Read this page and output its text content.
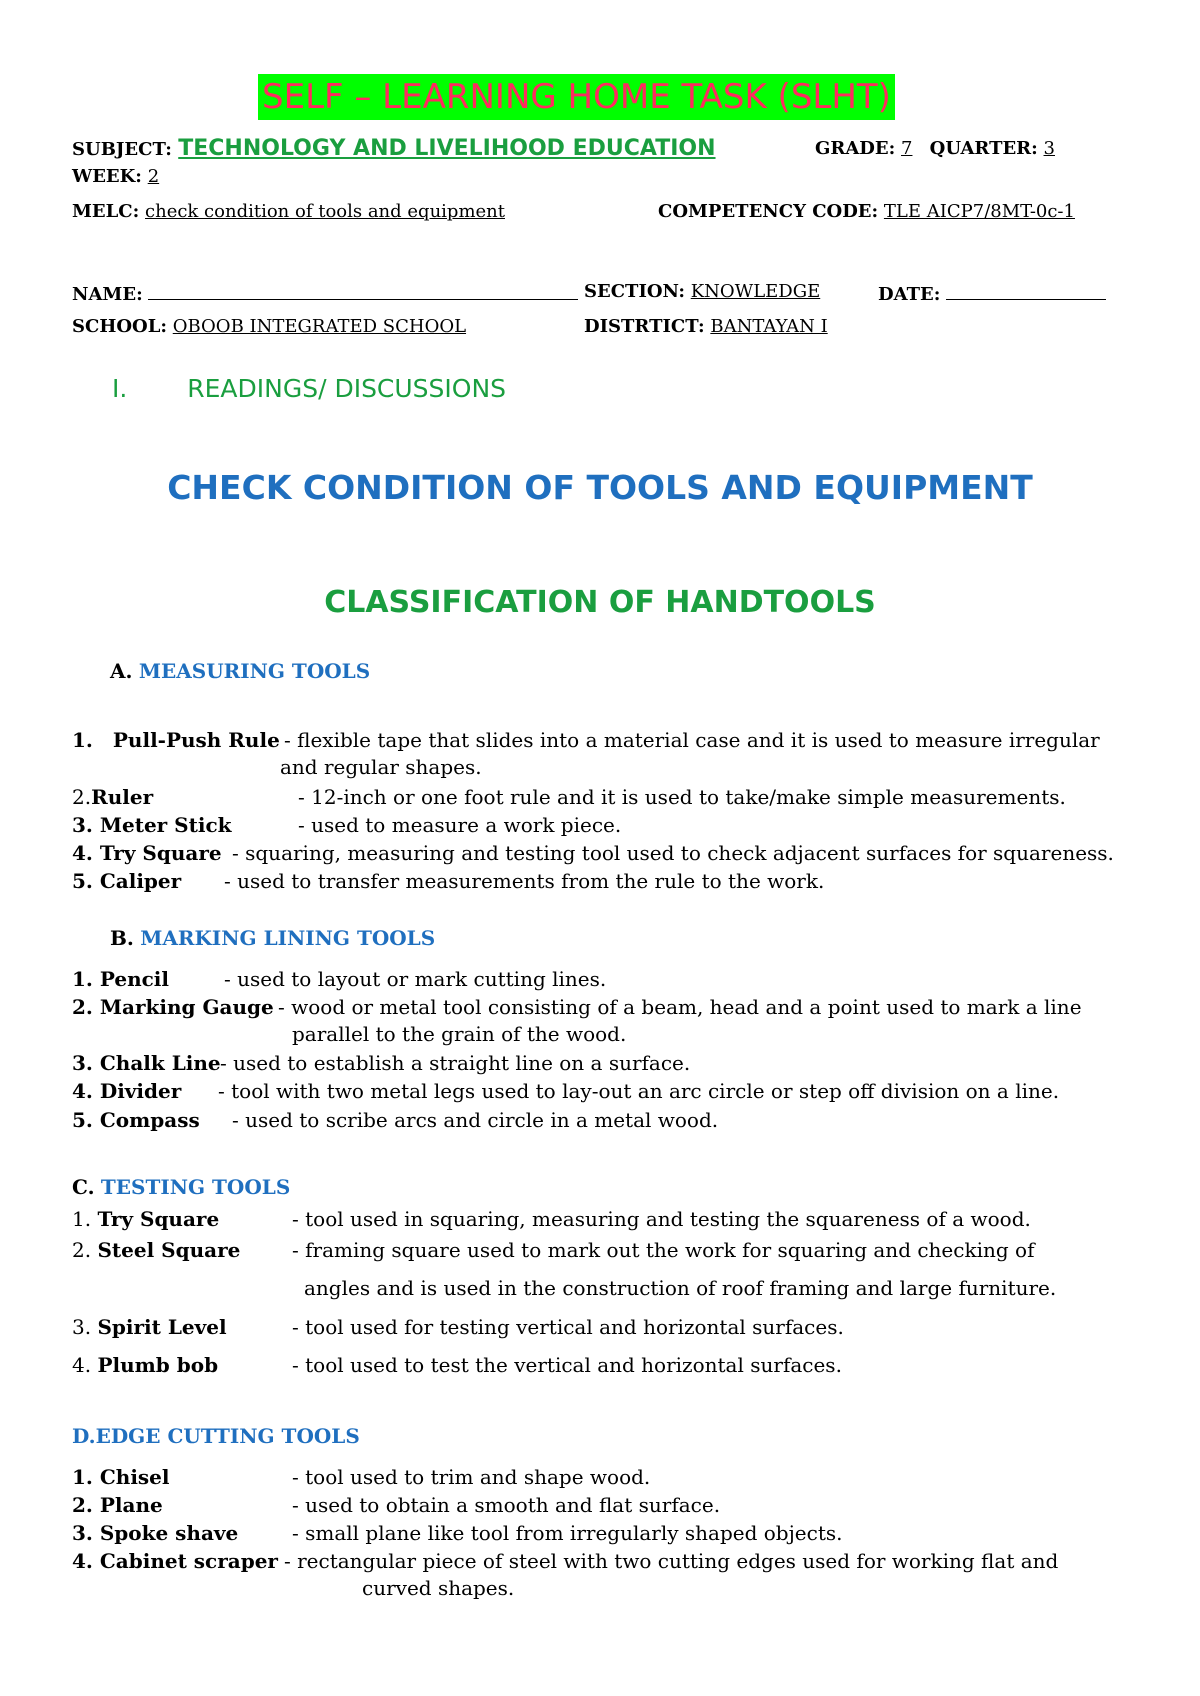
SELF – LEARNING HOME TASK (SLHT)
SUBJECT: TECHNOLOGY AND LIVELIHOOD EDUCATION	GRADE: 7 QUARTER: 3
WEEK: 2
MELC: check condition of tools and equipment	COMPETENCY CODE: TLE AICP7/8MT-0c-1
NAME:	SECTION: KNOWLEDGE	DATE:
SCHOOL: OBOOB INTEGRATED SCHOOL	DISTRTICT: BANTAYAN I
I. READINGS/ DISCUSSIONS
CHECK CONDITION OF TOOLS AND EQUIPMENT
CLASSIFICATION OF HANDTOOLS
A. MEASURING TOOLS
1. Pull-Push Rule - flexible tape that slides into a material case and it is used to measure irregular
and regular shapes.
2.Ruler	- 12-inch or one foot rule and it is used to take/make simple measurements.
3. Meter Stick	- used to measure a work piece.
4. Try Square - squaring, measuring and testing tool used to check adjacent surfaces for squareness.
5. Caliper - used to transfer measurements from the rule to the work.
B. MARKING LINING TOOLS
1. Pencil	- used to layout or mark cutting lines.
2. Marking Gauge - wood or metal tool consisting of a beam, head and a point used to mark a line
parallel to the grain of the wood.
3. Chalk Line - used to establish a straight line on a surface.
4. Divider - tool with two metal legs used to lay-out an arc circle or step off division on a line.
5. Compass - used to scribe arcs and circle in a metal wood.
C. TESTING TOOLS
1. Try Square	- tool used in squaring, measuring and testing the squareness of a wood.
2. Steel Square	- framing square used to mark out the work for squaring and checking of
angles and is used in the construction of roof framing and large furniture.
3. Spirit Level	- tool used for testing vertical and horizontal surfaces.
4. Plumb bob	- tool used to test the vertical and horizontal surfaces.
D.EDGE CUTTING TOOLS
1. Chisel	- tool used to trim and shape wood.
2. Plane	- used to obtain a smooth and flat surface.
3. Spoke shave	- small plane like tool from irregularly shaped objects.
4. Cabinet scraper - rectangular piece of steel with two cutting edges used for working flat and
curved shapes.
